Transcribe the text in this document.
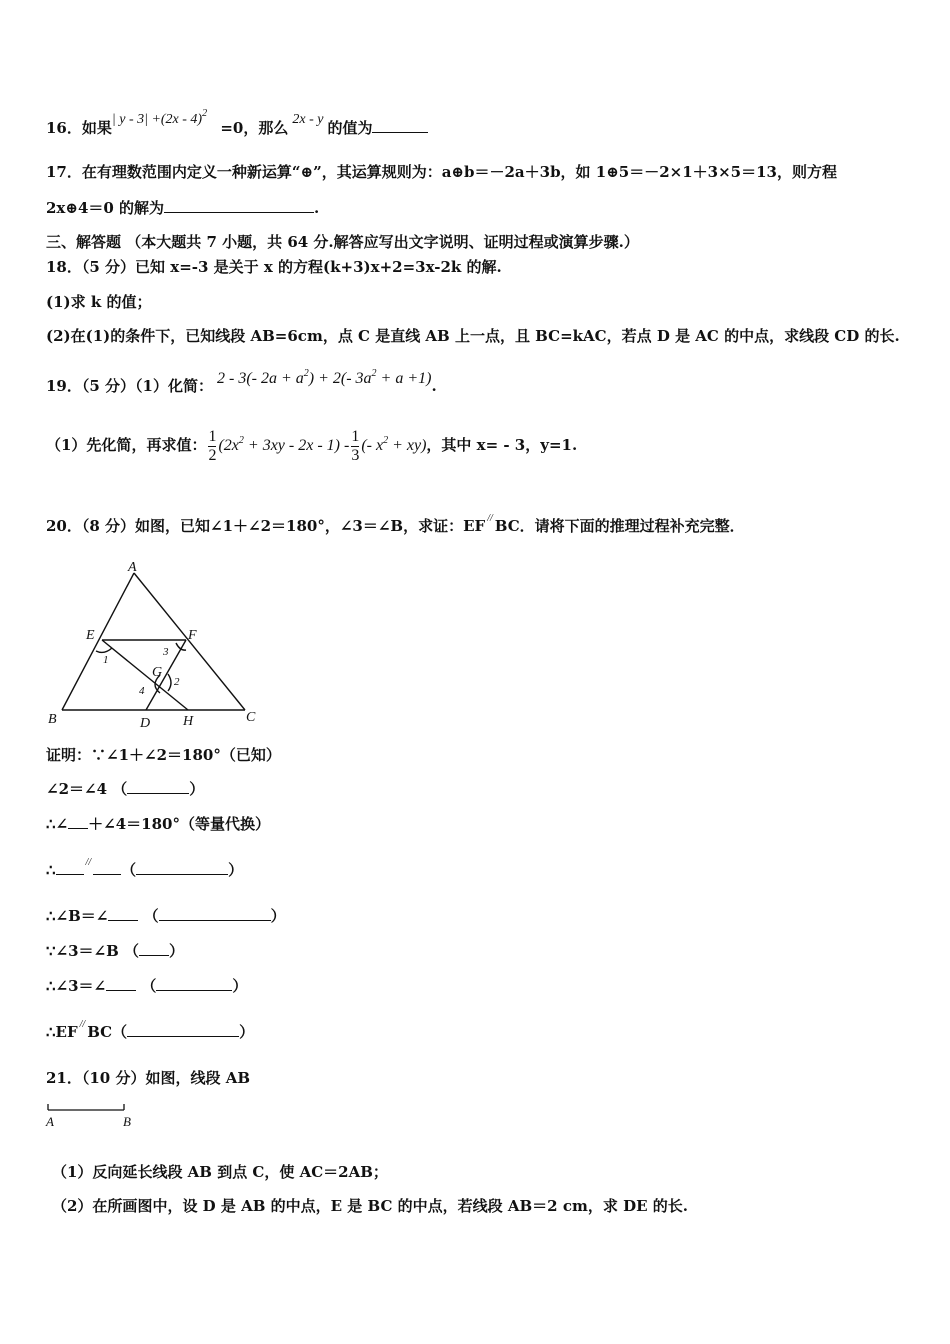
16．如果| y - 3| +(2x - 4)$^2$ =0，那么 2x - y 的值为
17．在有理数范围内定义一种新运算“⊕”，其运算规则为：a⊕b＝－2a＋3b，如 1⊕5＝－2×1＋3×5＝13，则方程
2x⊕4＝0 的解为	.
三、解答题 （本大题共 7 小题，共 64 分.解答应写出文字说明、证明过程或演算步骤.）
18．（5 分）已知 x=-3 是关于 x 的方程(k+3)x+2=3x-2k 的解.
(1)求 k 的值；
(2)在(1)的条件下，已知线段 AB=6cm，点 C 是直线 AB 上一点，且 BC=kAC，若点 D 是 AC 的中点，求线段 CD 的长.
19．（5 分）（1）化简： 2 - 3(- $2a + a^2) + 2(-$ $3a^2 + a +1$).
（1）先化简，再求值： $\frac{1}{2} (2x^2 + 3xy - 2x - 1) - \frac{1}{3}$ (- $x^2 + xy$)，其中 x= - 3，y=1.
20．（8 分）如图，已知∠1＋∠2＝180°，∠3＝∠B，求证：EF // BC．请将下面的推理过程补充完整．
A
E	F
1
3
G
2
4
B	D H	C
证明：∵∠1＋∠2＝180°（已知）
∠2＝∠4 （	）
∴∠ ＋∠4＝180°（等量代换）
∴	// （	）
∴∠B＝∠ （	）
∵∠3＝∠B （ ）
∴∠3＝∠ （	）
∴EF // BC（	）
21．（10 分）如图，线段 AB
A	B
（1）反向延长线段 AB 到点 C，使 AC＝2AB；
（2）在所画图中，设 D 是 AB 的中点，E 是 BC 的中点，若线段 AB＝2 cm，求 DE 的长.
